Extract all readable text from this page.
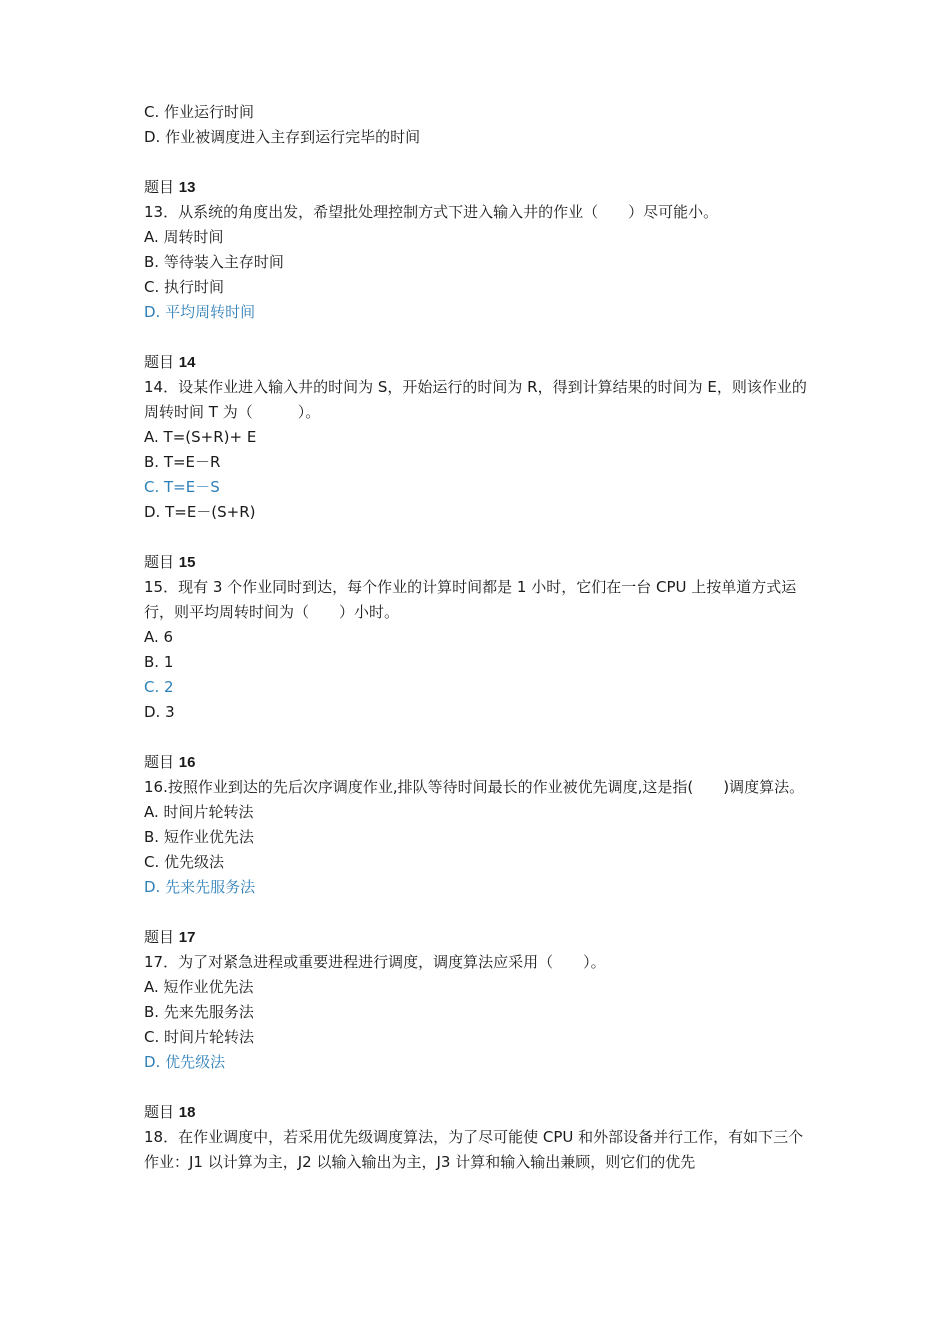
C. 作业运行时间
D. 作业被调度进入主存到运行完毕的时间
题目 13
13．从系统的角度出发，希望批处理控制方式下进入输入井的作业（　　）尽可能小。
A. 周转时间
B. 等待装入主存时间
C. 执行时间
D. 平均周转时间
题目 14
14．设某作业进入输入井的时间为 S，开始运行的时间为 R，得到计算结果的时间为 E，则该作业的周转时间 T 为（　　　）。
A. T=(S+R)+ E
B. T=E－R
C. T=E－S
D. T=E－(S+R)
题目 15
15．现有 3 个作业同时到达，每个作业的计算时间都是 1 小时，它们在一台 CPU 上按单道方式运行，则平均周转时间为（　　）小时。
A. 6
B. 1
C. 2
D. 3
题目 16
16.按照作业到达的先后次序调度作业,排队等待时间最长的作业被优先调度,这是指(　　)调度算法。
A. 时间片轮转法
B. 短作业优先法
C. 优先级法
D. 先来先服务法
题目 17
17．为了对紧急进程或重要进程进行调度，调度算法应采用（　　）。
A. 短作业优先法
B. 先来先服务法
C. 时间片轮转法
D. 优先级法
题目 18
18．在作业调度中，若采用优先级调度算法，为了尽可能使 CPU 和外部设备并行工作，有如下三个作业：J1 以计算为主，J2 以输入输出为主，J3 计算和输入输出兼顾，则它们的优先
